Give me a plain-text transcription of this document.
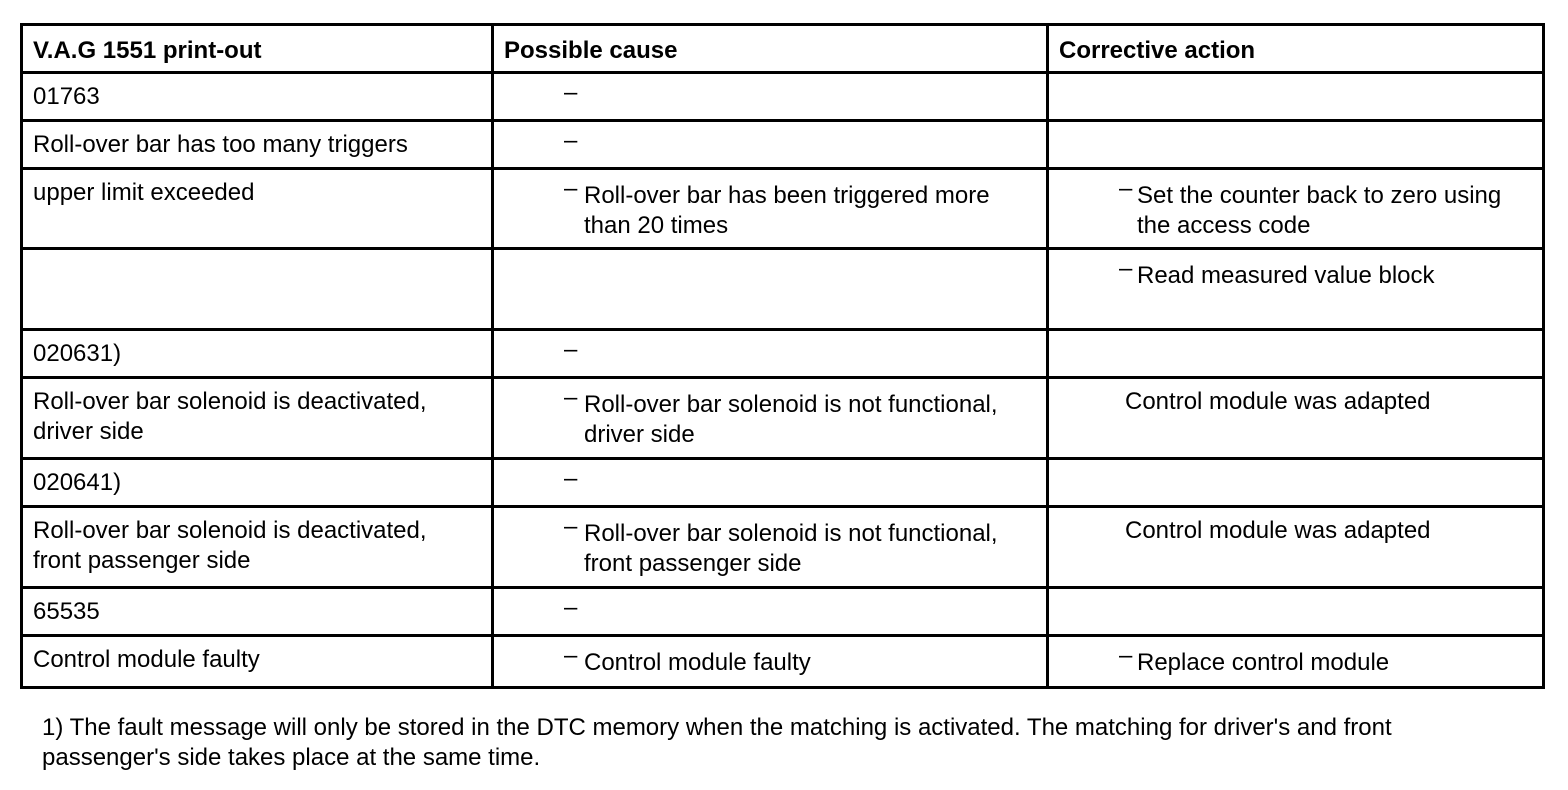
V.A.G 1551 print-out	Possible cause	Corrective action
01763	–	

Roll-over bar has too many triggers	–	

upper limit exceeded	– Roll-over bar has been triggered more than 20 times	– Set the counter back to zero using the access code

		– Read measured value block

020631)	–	

Roll-over bar solenoid is deactivated, driver side	– Roll-over bar solenoid is not functional, driver side	Control module was adapted

020641)	–	

Roll-over bar solenoid is deactivated, front passenger side	– Roll-over bar solenoid is not functional, front passenger side	Control module was adapted

65535	–	

Control module faulty	– Control module faulty	– Replace control module
1) The fault message will only be stored in the DTC memory when the matching is activated. The matching for driver's and front passenger's side takes place at the same time.
